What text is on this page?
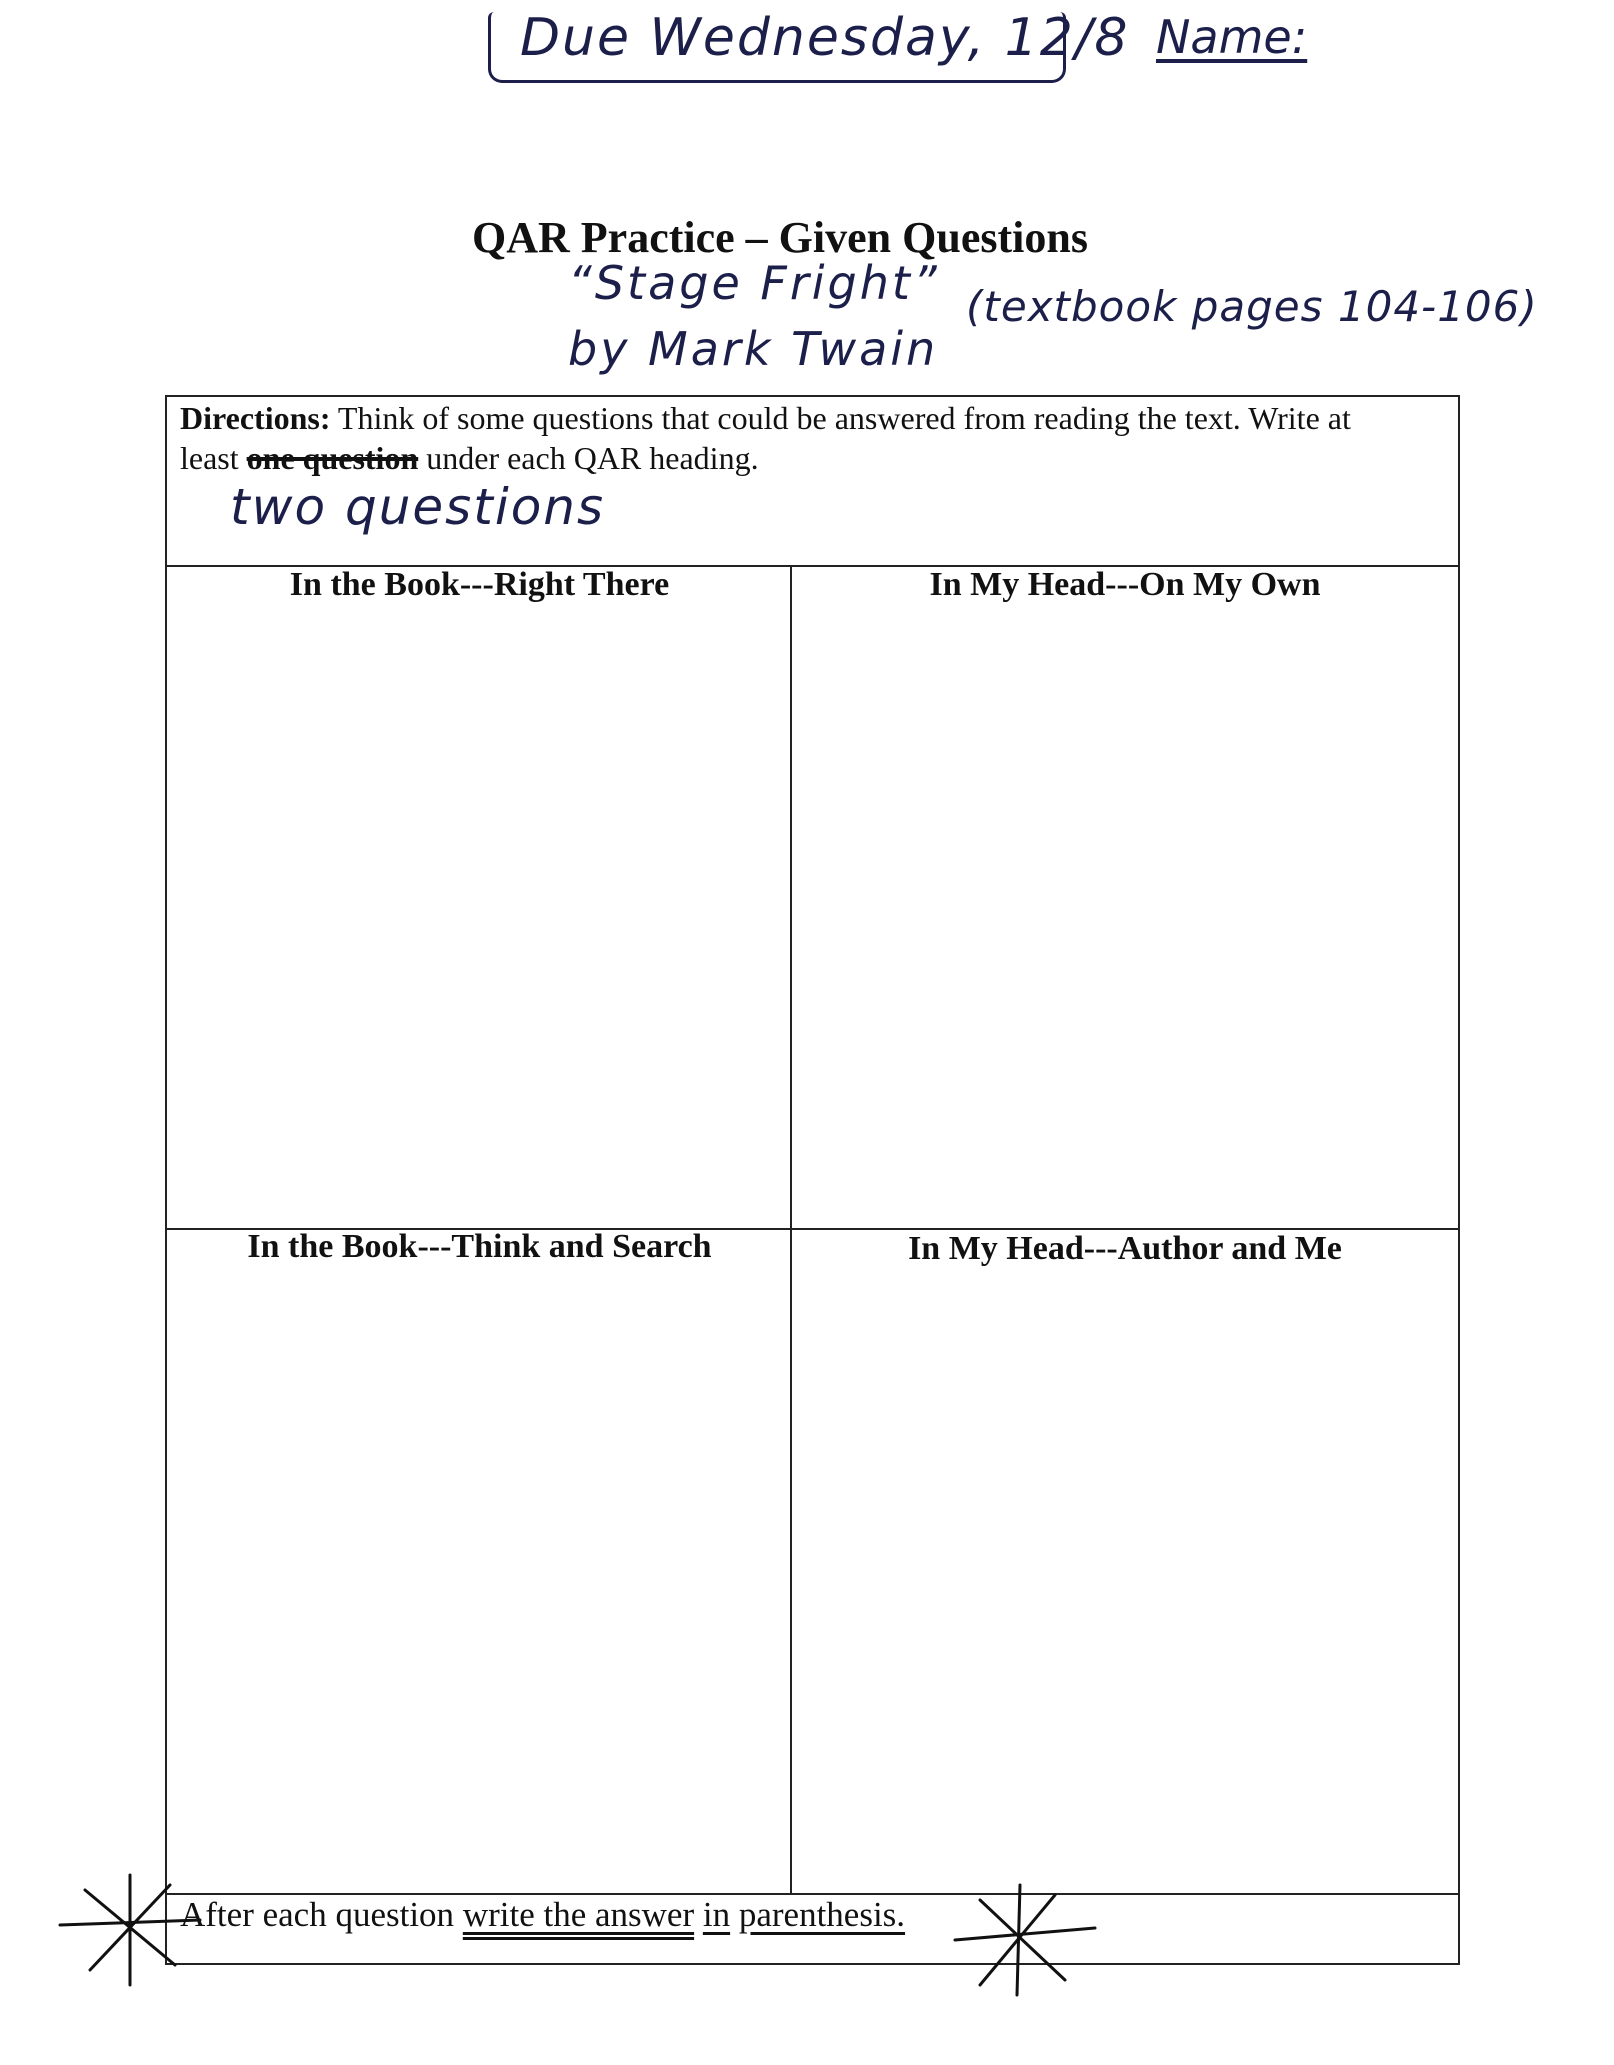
Due Wednesday, 12/8 Name:
QAR Practice – Given Questions
“Stage Fright”
by Mark Twain
(textbook pages 104-106)
Directions: Think of some questions that could be answered from reading the text. Write at
least one question under each QAR heading.
two questions
In the Book---Right There	In My Head---On My Own
In the Book---Think and Search	In My Head---Author and Me
After each question write the answer in parenthesis.
